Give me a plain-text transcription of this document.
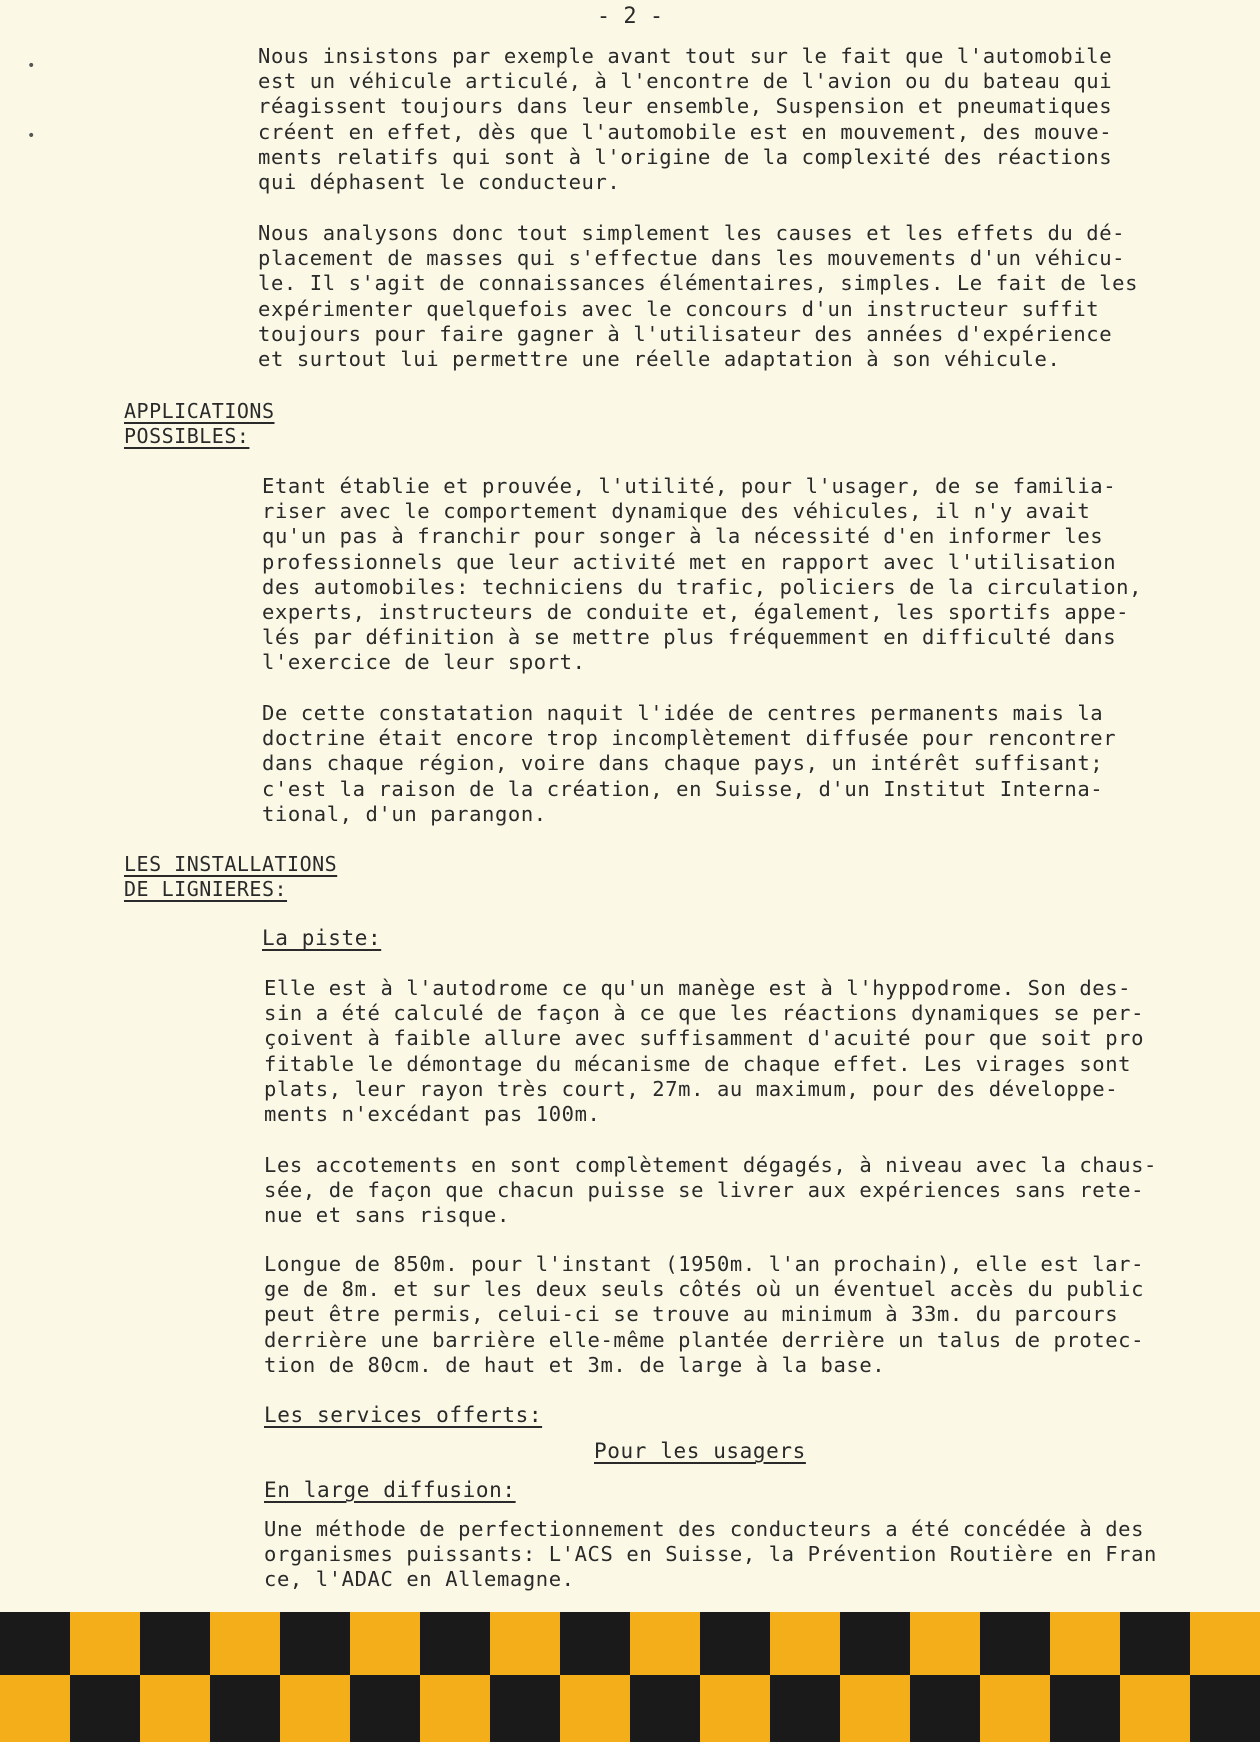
- 2 -
•
•

Nous insistons par exemple avant tout sur le fait que l'automobile
est un véhicule articulé, à l'encontre de l'avion ou du bateau qui
réagissent toujours dans leur ensemble, Suspension et pneumatiques
créent en effet, dès que l'automobile est en mouvement, des mouve-
ments relatifs qui sont à l'origine de la complexité des réactions
qui déphasent le conducteur.

Nous analysons donc tout simplement les causes et les effets du dé-
placement de masses qui s'effectue dans les mouvements d'un véhicu-
le. Il s'agit de connaissances élémentaires, simples. Le fait de les
expérimenter quelquefois avec le concours d'un instructeur suffit
toujours pour faire gagner à l'utilisateur des années d'expérience
et surtout lui permettre une réelle adaptation à son véhicule.

APPLICATIONS
POSSIBLES:

Etant établie et prouvée, l'utilité, pour l'usager, de se familia-
riser avec le comportement dynamique des véhicules, il n'y avait
qu'un pas à franchir pour songer à la nécessité d'en informer les
professionnels que leur activité met en rapport avec l'utilisation
des automobiles: techniciens du trafic, policiers de la circulation,
experts, instructeurs de conduite et, également, les sportifs appe-
lés par définition à se mettre plus fréquemment en difficulté dans
l'exercice de leur sport.

De cette constatation naquit l'idée de centres permanents mais la
doctrine était encore trop incomplètement diffusée pour rencontrer
dans chaque région, voire dans chaque pays, un intérêt suffisant;
c'est la raison de la création, en Suisse, d'un Institut Interna-
tional, d'un parangon.

LES INSTALLATIONS
DE LIGNIERES:

La piste:

Elle est à l'autodrome ce qu'un manège est à l'hyppodrome. Son des-
sin a été calculé de façon à ce que les réactions dynamiques se per-
çoivent à faible allure avec suffisamment d'acuité pour que soit pro
fitable le démontage du mécanisme de chaque effet. Les virages sont
plats, leur rayon très court, 27m. au maximum, pour des développe-
ments n'excédant pas 100m.

Les accotements en sont complètement dégagés, à niveau avec la chaus-
sée, de façon que chacun puisse se livrer aux expériences sans rete-
nue et sans risque.

Longue de 850m. pour l'instant (1950m. l'an prochain), elle est lar-
ge de 8m. et sur les deux seuls côtés où un éventuel accès du public
peut être permis, celui-ci se trouve au minimum à 33m. du parcours
derrière une barrière elle-même plantée derrière un talus de protec-
tion de 80cm. de haut et 3m. de large à la base.

Les services offerts:

Pour les usagers

En large diffusion:

Une méthode de perfectionnement des conducteurs a été concédée à des
organismes puissants: L'ACS en Suisse, la Prévention Routière en Fran
ce, l'ADAC en Allemagne.
